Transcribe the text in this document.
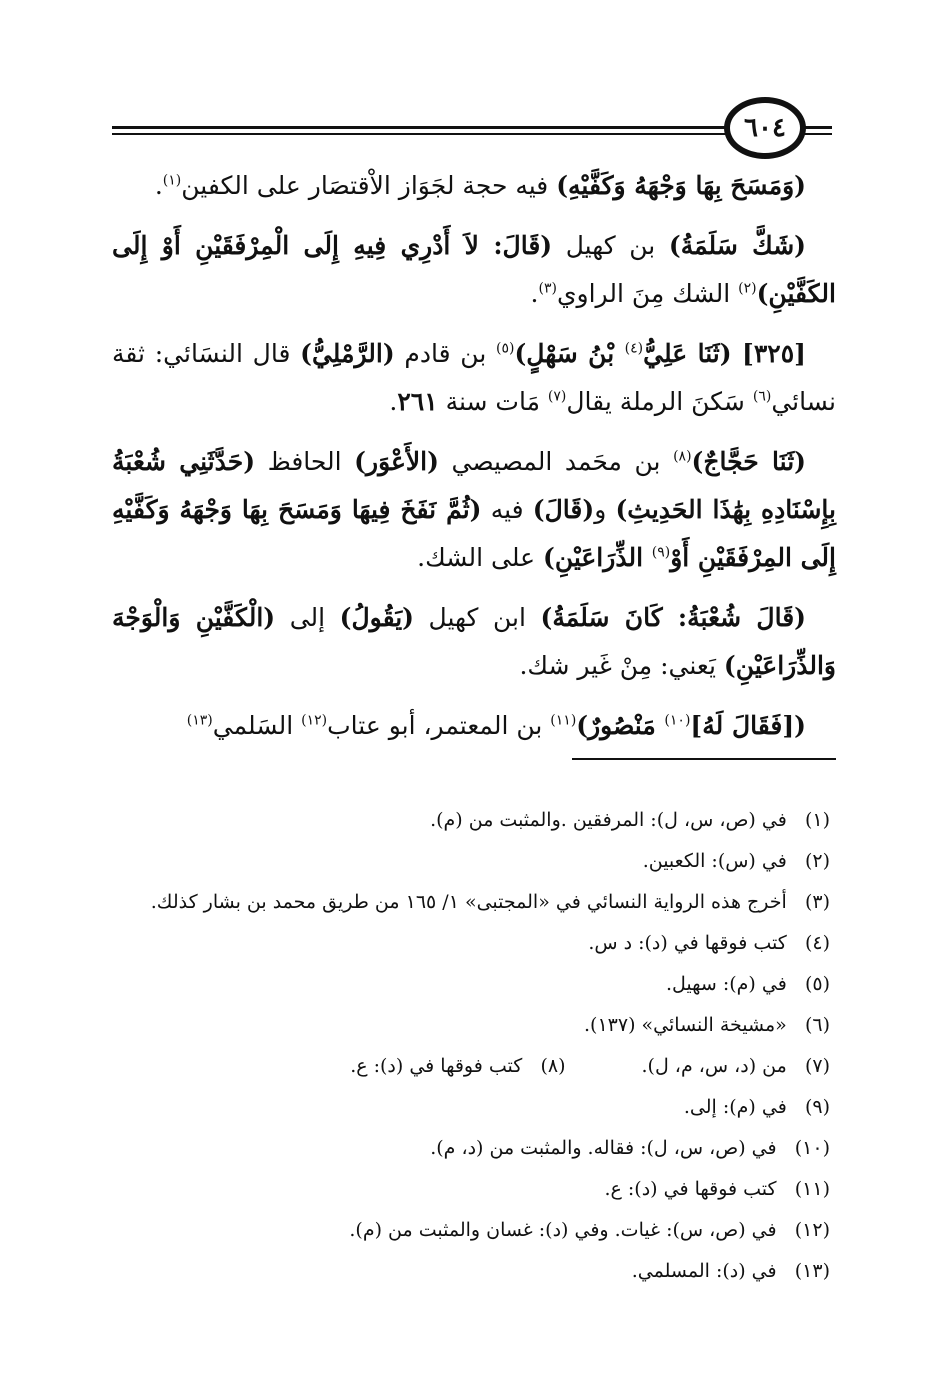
٦٠٤

(وَمَسَحَ بِهَا وَجْهَهُ وَكَفَّيْهِ) فيه حجة لجَوَاز الاْقتصَار على الكفين$^{(١)}$.

(شَكَّ سَلَمَةُ) بن كهيل (قَالَ: لاَ أَدْرِي فِيهِ إِلَى الْمِرْفَقَيْنِ أَوْ إِلَى الكَفَّيْنِ)$^{(٢)}$ الشك مِنَ الراوي$^{(٣)}$.

[٣٢٥] (ثَنَا عَلِيُّ$^{(٤)}$ بْنُ سَهْلٍ)$^{(٥)}$ بن قادم (الرَّمْلِيُّ) قال النسَائي: ثقة نسائي$^{(٦)}$ سَكنَ الرملة يقال$^{(٧)}$ مَات سنة ٢٦١.

(ثَنَا حَجَّاجٌ)$^{(٨)}$ بن محَمد المصيصي (الأَعْوَر) الحافظ (حَدَّثَنِي شُعْبَةُ بِإِسْنَادِهِ بِهَٰذَا الحَدِيثِ) و(قَالَ) فيه (ثُمَّ نَفَخَ فِيهَا وَمَسَحَ بِهَا وَجْهَهُ وَكَفَّيْهِ إِلَى المِرْفَقَيْنِ أَوْ$^{(٩)}$ الذِّرَاعَيْنِ) على الشك.

(قَالَ شُعْبَةُ: كَانَ سَلَمَةُ) ابن كهيل (يَقُولُ) إلى (الْكَفَّيْنِ وَالْوَجْهَ وَالذِّرَاعَيْنِ) يَعني: مِنْ غَير شك.

([فَقَالَ لَهُ]$^{(١٠)}$ مَنْصُورٌ)$^{(١١)}$ بن المعتمر، أبو عتاب$^{(١٢)}$ السَلمي$^{(١٣)}$

(١)   في (ص، س، ل): المرفقين .والمثبت من (م).
(٢)   في (س): الكعبين.
(٣)   أخرج هذه الرواية النسائي في «المجتبى» ١/ ١٦٥ من طريق محمد بن بشار كذلك.
(٤)   كتب فوقها في (د): د س.
(٥)   في (م): سهيل.
(٦)   «مشيخة النسائي» (١٣٧).
(٧)   من (د، س، م، ل).
(٨)   كتب فوقها في (د): ع.
(٩)   في (م): إلى.
(١٠)   في (ص، س، ل): فقاله. والمثبت من (د، م).
(١١)   كتب فوقها في (د): ع.
(١٢)   في (ص، س): غيات. وفي (د): غسان والمثبت من (م).
(١٣)   في (د): المسلمي.
